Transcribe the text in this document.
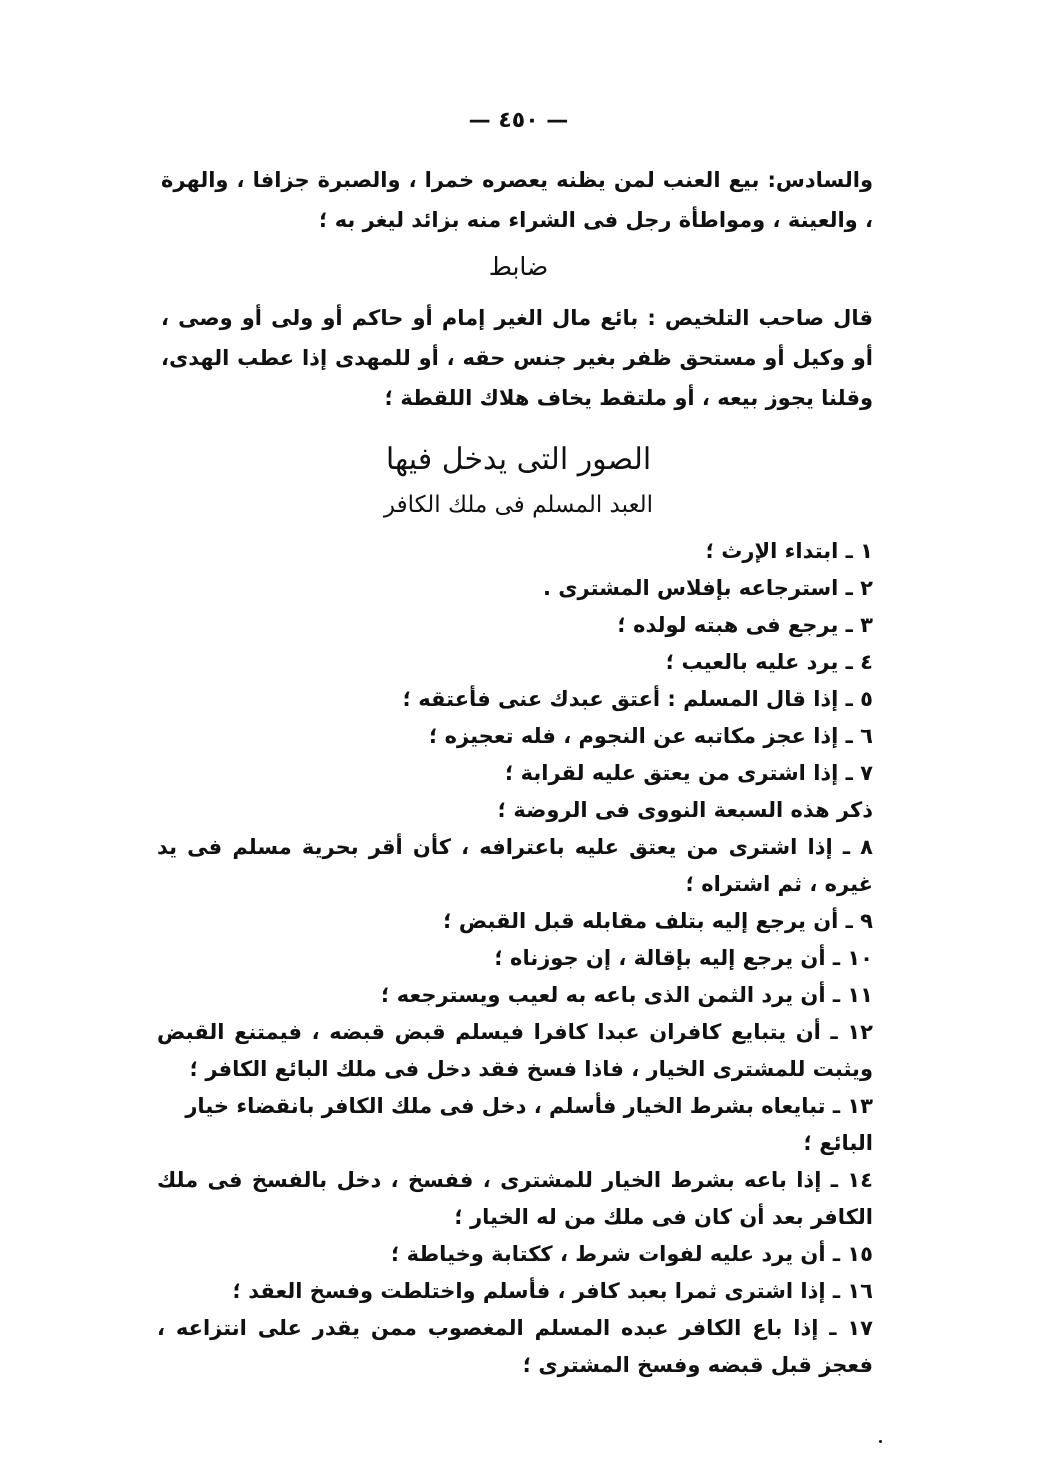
— ٤٥٠ —
والسادس: بيع العنب لمن يظنه يعصره خمرا ، والصبرة جزافا ، والهرة ، والعينة ، ومواطأة رجل فى الشراء منه بزائد ليغر به ؛
ضابط
قال صاحب التلخيص : بائع مال الغير إمام أو حاكم أو ولى أو وصى ، أو وكيل أو مستحق ظفر بغير جنس حقه ، أو للمهدى إذا عطب الهدى، وقلنا يجوز بيعه ، أو ملتقط يخاف هلاك اللقطة ؛
الصور التى يدخل فيها
العبد المسلم فى ملك الكافر
١ ـ ابتداء الإرث ؛
٢ ـ استرجاعه بإفلاس المشترى .
٣ ـ يرجع فى هبته لولده ؛
٤ ـ يرد عليه بالعيب ؛
٥ ـ إذا قال المسلم : أعتق عبدك عنى فأعتقه ؛
٦ ـ إذا عجز مكاتبه عن النجوم ، فله تعجيزه ؛
٧ ـ إذا اشترى من يعتق عليه لقرابة ؛
ذكر هذه السبعة النووى فى الروضة ؛
٨ ـ إذا اشترى من يعتق عليه باعترافه ، كأن أقر بحرية مسلم فى يد غيره ، ثم اشتراه ؛
٩ ـ أن يرجع إليه بتلف مقابله قبل القبض ؛
١٠ ـ أن يرجع إليه بإقالة ، إن جوزناه ؛
١١ ـ أن يرد الثمن الذى باعه به لعيب ويسترجعه ؛
١٢ ـ أن يتبايع كافران عبدا كافرا فيسلم قبض قبضه ، فيمتنع القبض ويثبت للمشترى الخيار ، فاذا فسخ فقد دخل فى ملك البائع الكافر ؛
١٣ ـ تبايعاه بشرط الخيار فأسلم ، دخل فى ملك الكافر بانقضاء خيار البائع ؛
١٤ ـ إذا باعه بشرط الخيار للمشترى ، ففسخ ، دخل بالفسخ فى ملك الكافر بعد أن كان فى ملك من له الخيار ؛
١٥ ـ أن يرد عليه لفوات شرط ، ككتابة وخياطة ؛
١٦ ـ إذا اشترى ثمرا بعبد كافر ، فأسلم واختلطت وفسخ العقد ؛
١٧ ـ إذا باع الكافر عبده المسلم المغصوب ممن يقدر على انتزاعه ، فعجز قبل قبضه وفسخ المشترى ؛
